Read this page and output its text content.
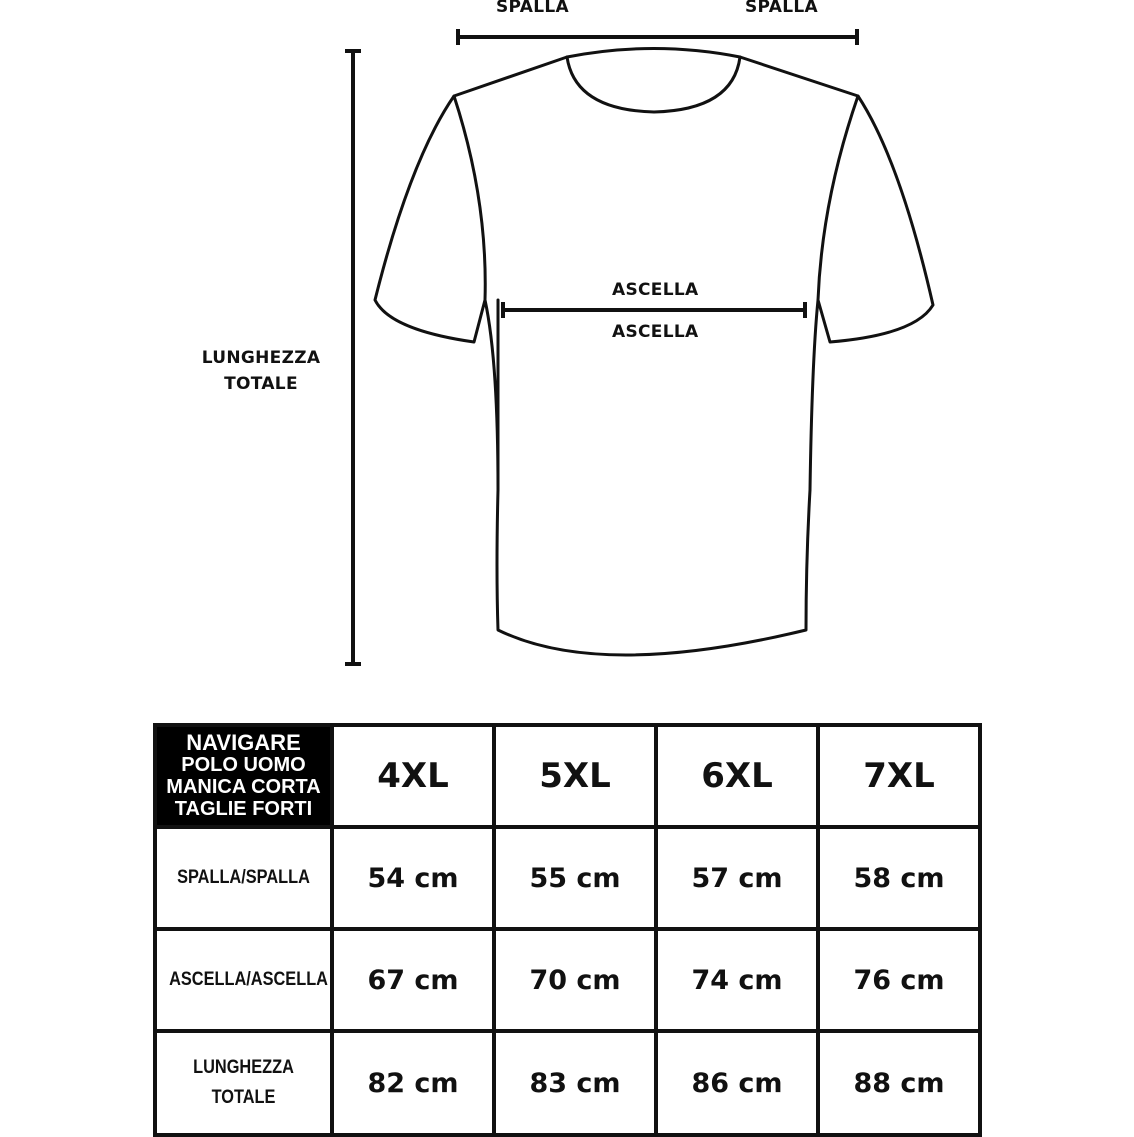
SPALLA	SPALLA
ASCELLA
ASCELLA
LUNGHEZZA
TOTALE
NAVIGARE
POLO UOMO
MANICA CORTA
TAGLIE FORTI	4XL	5XL	6XL	7XL

SPALLA/SPALLA	54 cm	55 cm	57 cm	58 cm

ASCELLA/ASCELLA	67 cm	70 cm	74 cm	76 cm

LUNGHEZZA
TOTALE	82 cm	83 cm	86 cm	88 cm
